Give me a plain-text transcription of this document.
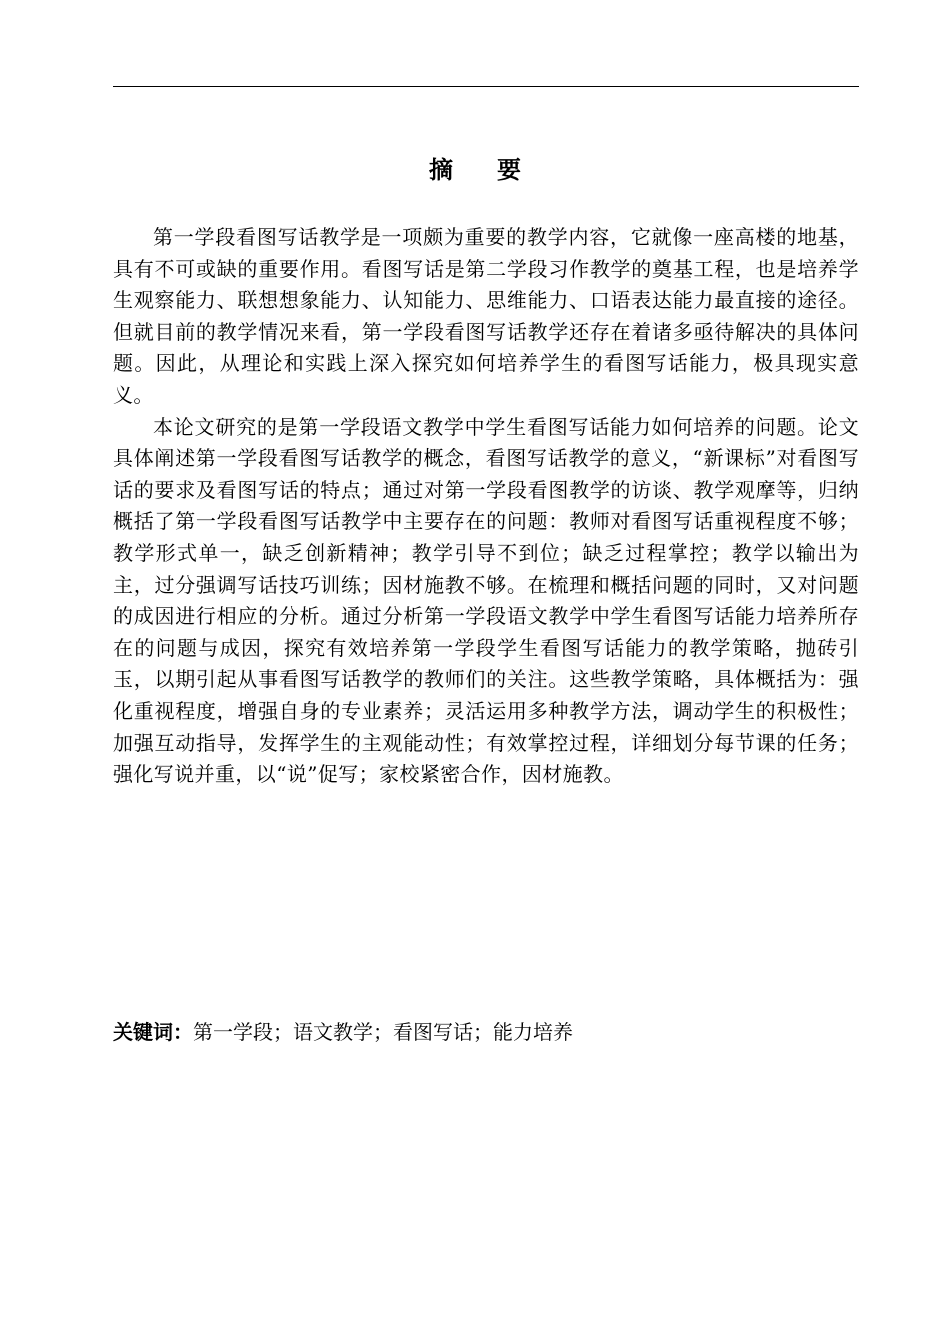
摘要

第一学段看图写话教学是一项颇为重要的教学内容，它就像一座高楼的地基，具有不可或缺的重要作用。看图写话是第二学段习作教学的奠基工程，也是培养学生观察能力、联想想象能力、认知能力、思维能力、口语表达能力最直接的途径。但就目前的教学情况来看，第一学段看图写话教学还存在着诸多亟待解决的具体问题。因此，从理论和实践上深入探究如何培养学生的看图写话能力，极具现实意义。

本论文研究的是第一学段语文教学中学生看图写话能力如何培养的问题。论文具体阐述第一学段看图写话教学的概念，看图写话教学的意义，“新课标”对看图写话的要求及看图写话的特点；通过对第一学段看图教学的访谈、教学观摩等，归纳概括了第一学段看图写话教学中主要存在的问题：教师对看图写话重视程度不够；教学形式单一，缺乏创新精神；教学引导不到位；缺乏过程掌控；教学以输出为主，过分强调写话技巧训练；因材施教不够。在梳理和概括问题的同时，又对问题的成因进行相应的分析。通过分析第一学段语文教学中学生看图写话能力培养所存在的问题与成因，探究有效培养第一学段学生看图写话能力的教学策略，抛砖引玉，以期引起从事看图写话教学的教师们的关注。这些教学策略，具体概括为：强化重视程度，增强自身的专业素养；灵活运用多种教学方法，调动学生的积极性；加强互动指导，发挥学生的主观能动性；有效掌控过程，详细划分每节课的任务；强化写说并重，以“说”促写；家校紧密合作，因材施教。

关键词：第一学段；语文教学；看图写话；能力培养
